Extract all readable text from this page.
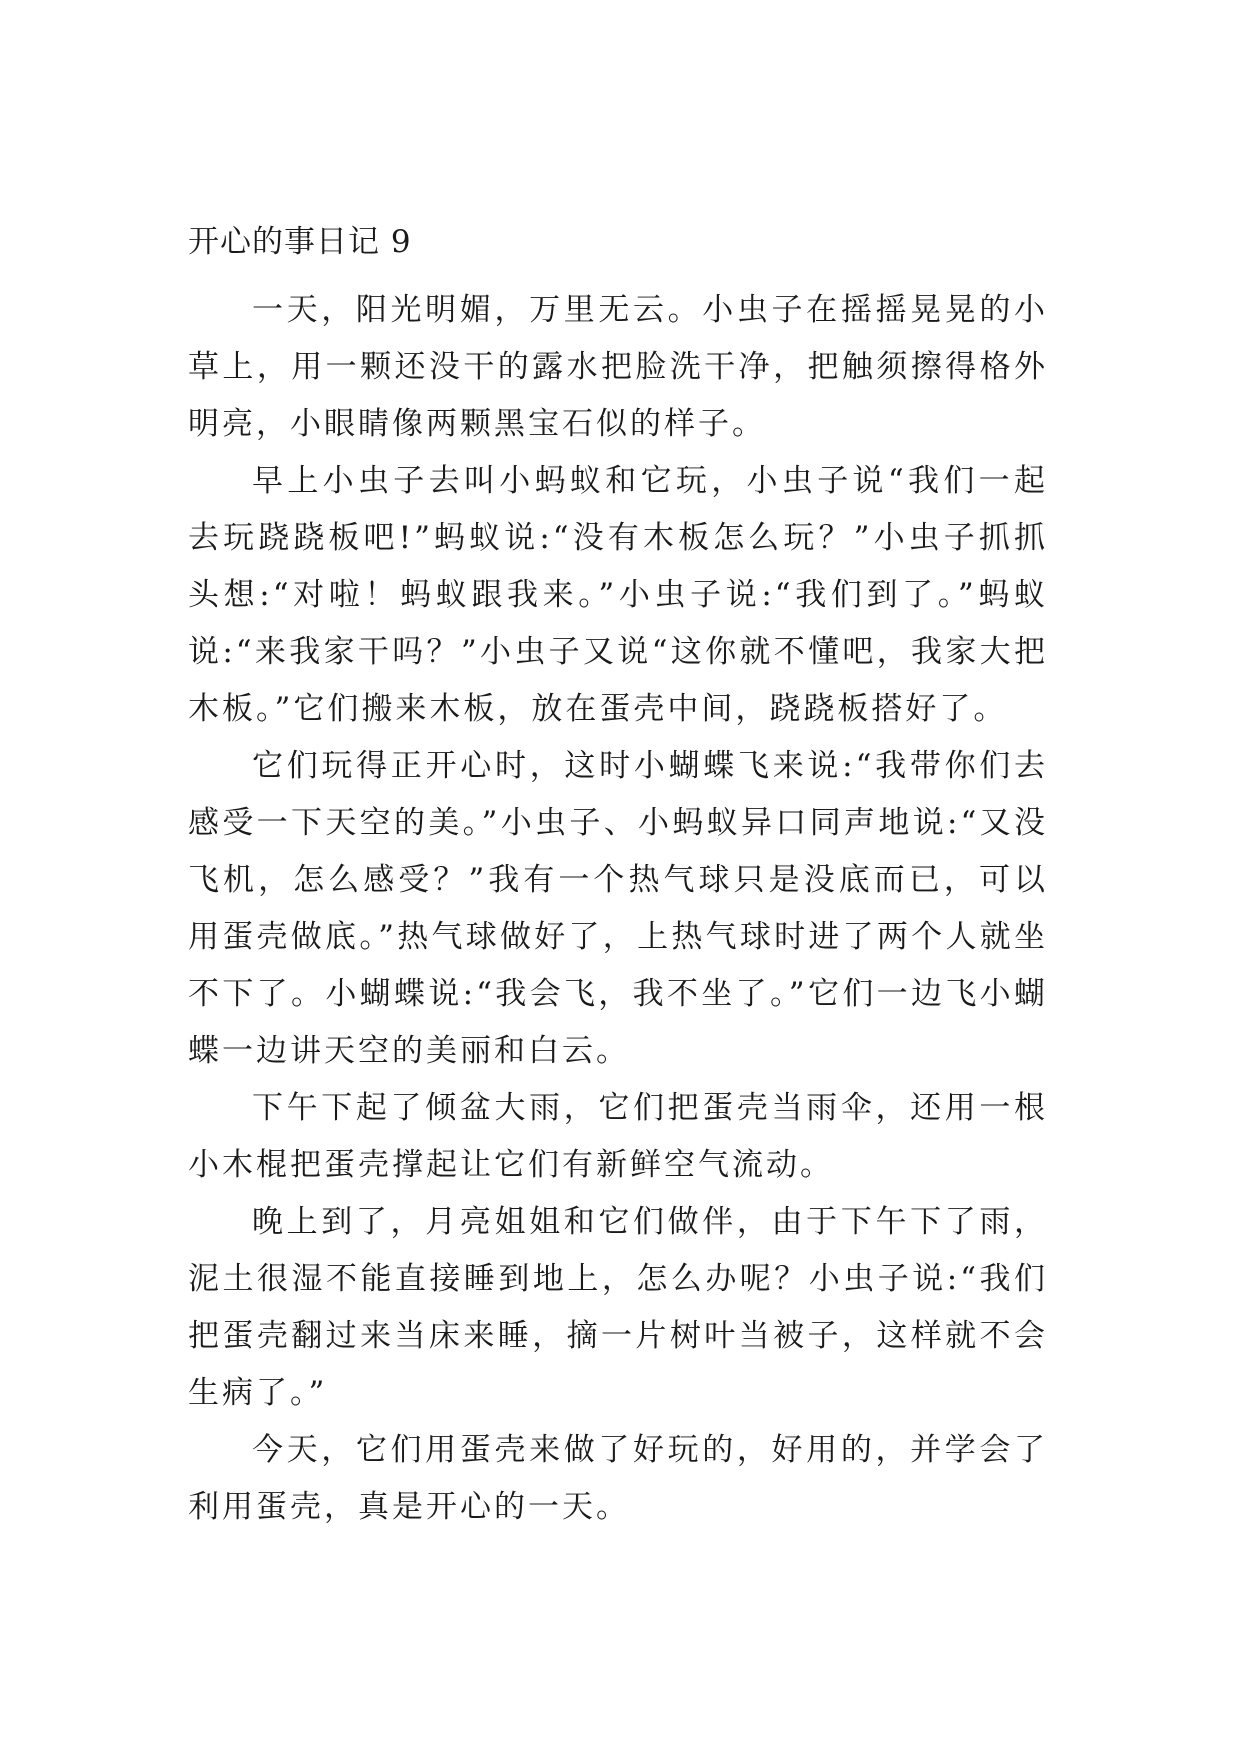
开心的事日记 9

一天，阳光明媚，万里无云。小虫子在摇摇晃晃的小草上，用一颗还没干的露水把脸洗干净，把触须擦得格外明亮，小眼睛像两颗黑宝石似的样子。

早上小虫子去叫小蚂蚁和它玩，小虫子说“我们一起去玩跷跷板吧!”蚂蚁说:“没有木板怎么玩？”小虫子抓抓头想:“对啦！蚂蚁跟我来。”小虫子说:“我们到了。”蚂蚁说:“来我家干吗？”小虫子又说“这你就不懂吧，我家大把木板。”它们搬来木板，放在蛋壳中间，跷跷板搭好了。

它们玩得正开心时，这时小蝴蝶飞来说:“我带你们去感受一下天空的美。”小虫子、小蚂蚁异口同声地说:“又没飞机，怎么感受？”我有一个热气球只是没底而已，可以用蛋壳做底。”热气球做好了，上热气球时进了两个人就坐不下了。小蝴蝶说:“我会飞，我不坐了。”它们一边飞小蝴蝶一边讲天空的美丽和白云。

下午下起了倾盆大雨，它们把蛋壳当雨伞，还用一根小木棍把蛋壳撑起让它们有新鲜空气流动。

晚上到了，月亮姐姐和它们做伴，由于下午下了雨，泥土很湿不能直接睡到地上，怎么办呢？小虫子说:“我们把蛋壳翻过来当床来睡，摘一片树叶当被子，这样就不会生病了。”

今天，它们用蛋壳来做了好玩的，好用的，并学会了利用蛋壳，真是开心的一天。
